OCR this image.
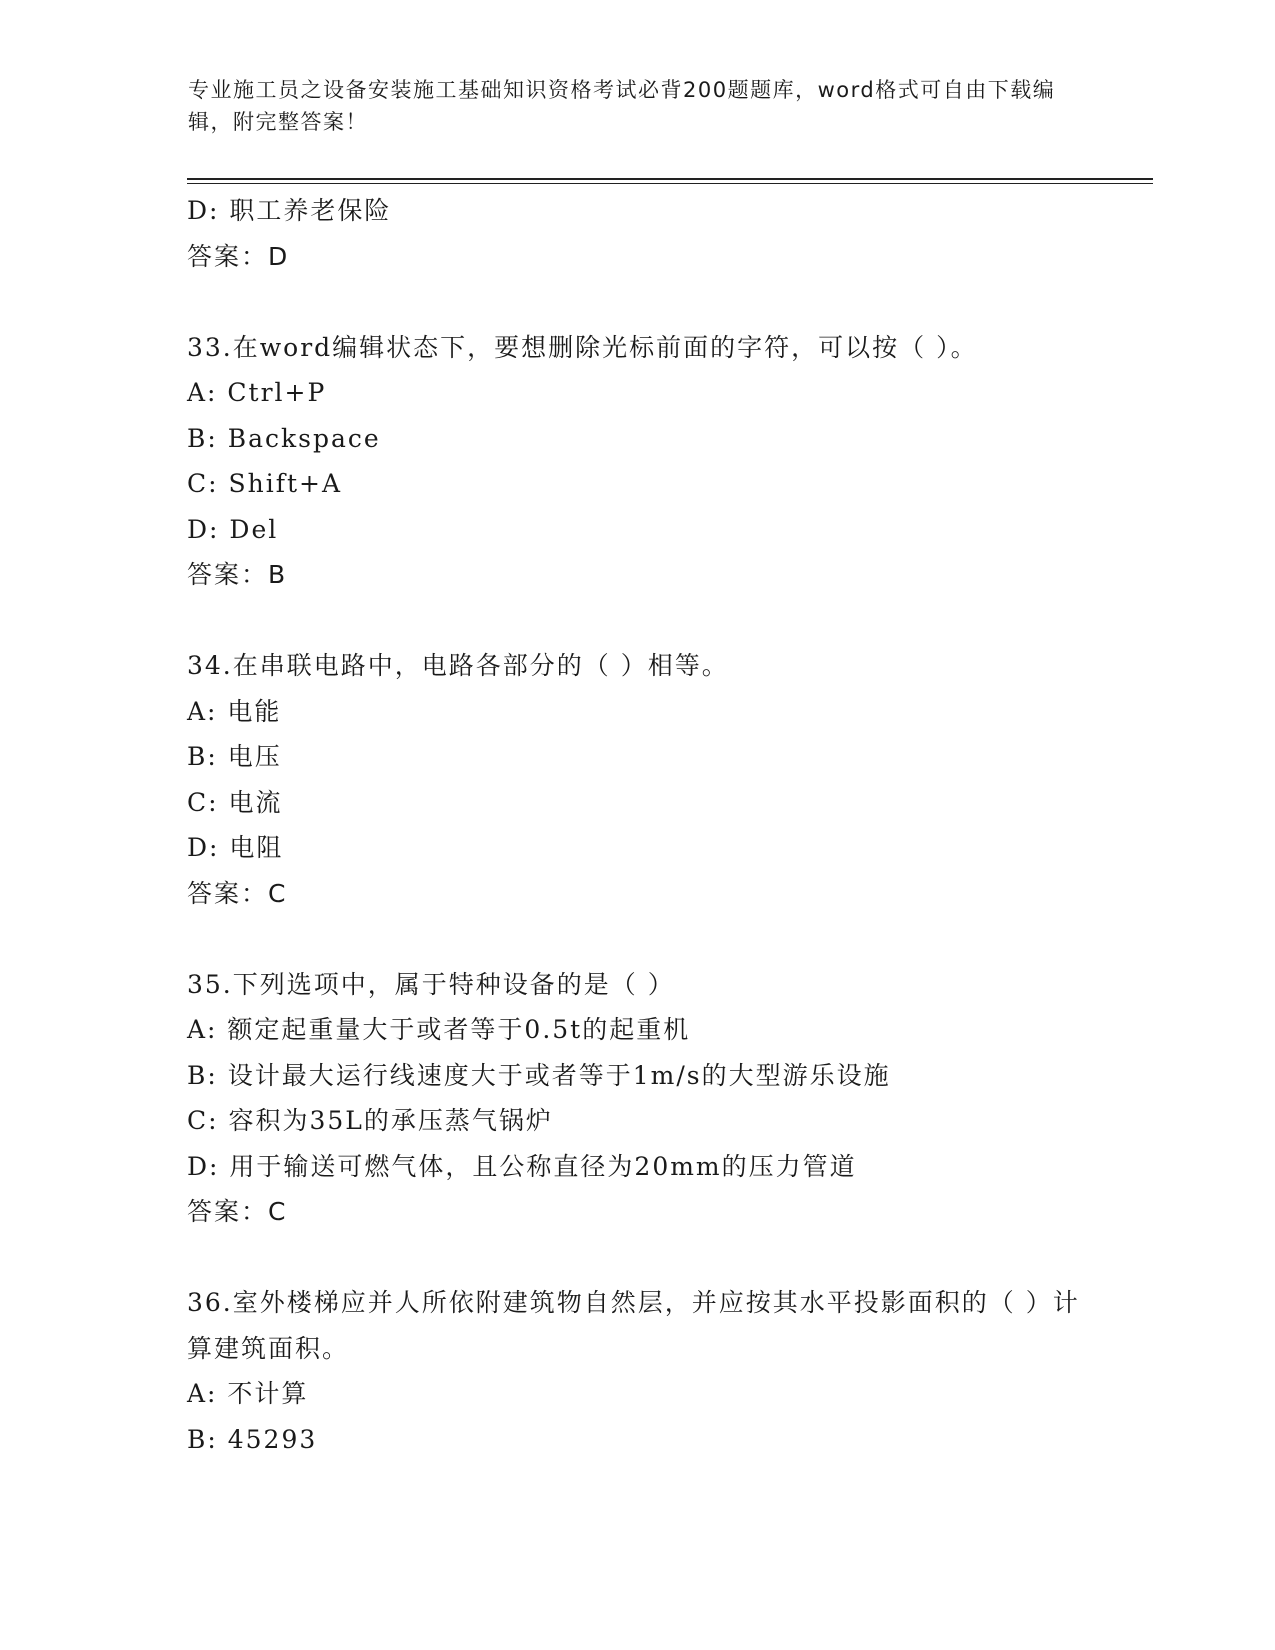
专业施工员之设备安装施工基础知识资格考试必背200题题库，word格式可自由下载编辑，附完整答案！
D: 职工养老保险
答案：D
33.在word编辑状态下，要想删除光标前面的字符，可以按（ ）。
A: Ctrl+P
B: Backspace
C: Shift+A
D: Del
答案：B
34.在串联电路中，电路各部分的（ ）相等。
A: 电能
B: 电压
C: 电流
D: 电阻
答案：C
35.下列选项中，属于特种设备的是（ ）
A: 额定起重量大于或者等于0.5t的起重机
B: 设计最大运行线速度大于或者等于1m/s的大型游乐设施
C: 容积为35L的承压蒸气锅炉
D: 用于输送可燃气体，且公称直径为20mm的压力管道
答案：C
36.室外楼梯应并人所依附建筑物自然层，并应按其水平投影面积的（ ）计算建筑面积。
A: 不计算
B: 45293
